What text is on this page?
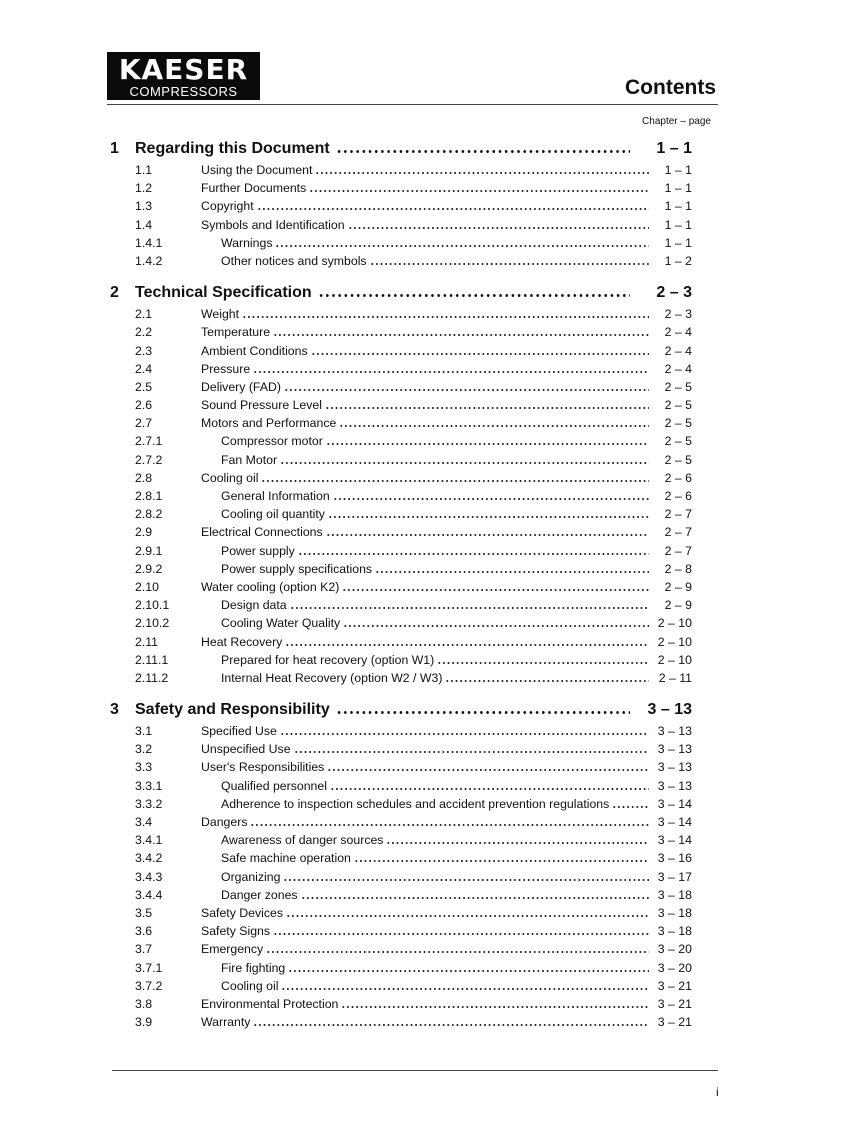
KAESER
COMPRESSORS	Contents
Chapter – page
1 Regarding this Document	1 – 1
1.1	Using the Document	1 – 1
1.2	Further Documents	1 – 1
1.3	Copyright	1 – 1
1.4	Symbols and Identification	1 – 1
1.4.1	Warnings	1 – 1
1.4.2	Other notices and symbols	1 – 2
2 Technical Specification	2 – 3
2.1	Weight	2 – 3
2.2	Temperature	2 – 4
2.3	Ambient Conditions	2 – 4
2.4	Pressure	2 – 4
2.5	Delivery (FAD)	2 – 5
2.6	Sound Pressure Level	2 – 5
2.7	Motors and Performance	2 – 5
2.7.1	Compressor motor	2 – 5
2.7.2	Fan Motor	2 – 5
2.8	Cooling oil	2 – 6
2.8.1	General Information	2 – 6
2.8.2	Cooling oil quantity	2 – 7
2.9	Electrical Connections	2 – 7
2.9.1	Power supply	2 – 7
2.9.2	Power supply specifications	2 – 8
2.10	Water cooling (option K2)	2 – 9
2.10.1	Design data	2 – 9
2.10.2	Cooling Water Quality	2 – 10
2.11	Heat Recovery	2 – 10
2.11.1	Prepared for heat recovery (option W1)	2 – 10
2.11.2	Internal Heat Recovery (option W2 / W3)	2 – 11
3 Safety and Responsibility	3 – 13
3.1	Specified Use	3 – 13
3.2	Unspecified Use	3 – 13
3.3	User's Responsibilities	3 – 13
3.3.1	Qualified personnel	3 – 13
3.3.2	Adherence to inspection schedules and accident prevention regulations	3 – 14
3.4	Dangers	3 – 14
3.4.1	Awareness of danger sources	3 – 14
3.4.2	Safe machine operation	3 – 16
3.4.3	Organizing	3 – 17
3.4.4	Danger zones	3 – 18
3.5	Safety Devices	3 – 18
3.6	Safety Signs	3 – 18
3.7	Emergency	3 – 20
3.7.1	Fire fighting	3 – 20
3.7.2	Cooling oil	3 – 21
3.8	Environmental Protection	3 – 21
3.9	Warranty	3 – 21
i
